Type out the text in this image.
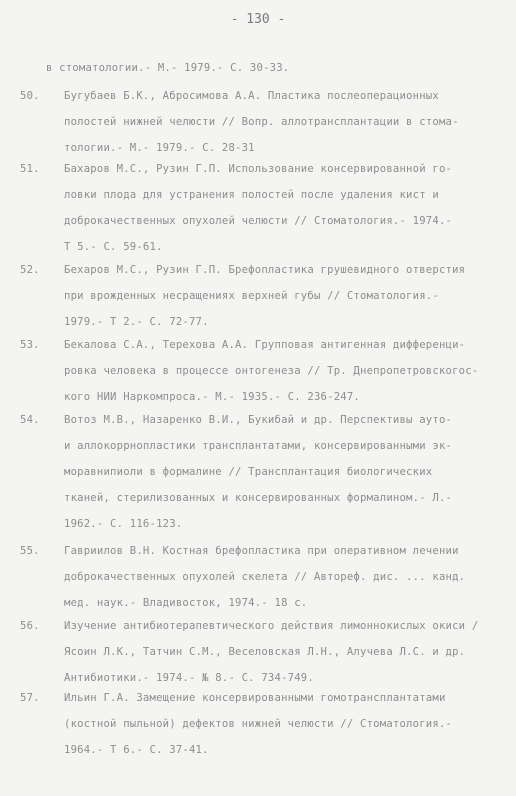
- 130 -
в стоматологии.- М.- 1979.- С. 30-33.
50. Бугубаев Б.К., Абросимова А.А. Пластика послеоперационных
полостей нижней челюсти // Вопр. аллотрансплантации в стома-
тологии.- М.- 1979.- С. 28-31
51. Бахаров М.С., Рузин Г.П. Использование консервированной го-
ловки плода для устранения полостей после удаления кист и
доброкачественных опухолей челюсти // Стоматология.- 1974.-
Т 5.- С. 59-61.
52. Бехаров М.С., Рузин Г.П. Брефопластика грушевидного отверстия
при врожденных несращениях верхней губы // Стоматология.-
1979.- Т 2.- С. 72-77.
53. Бекалова С.А., Терехова А.А. Групповая антигенная дифференци-
ровка человека в процессе онтогенеза // Тр. Днепропетровскогос-
кого НИИ Наркомпроса.- М.- 1935.- С. 236-247.
54. Вотоз М.В., Назаренко В.И., Букибай и др. Перспективы ауто-
и аллокоррнопластики трансплантатами, консервированными эк-
моравнипиоли в формалине // Трансплантация биологических
тканей, стерилизованных и консервированных формалином.- Л.-
1962.- С. 116-123.
55. Гавриилов В.Н. Костная брефопластика при оперативном лечении
доброкачественных опухолей скелета // Автореф. дис. ... канд.
мед. наук.- Владивосток, 1974.- 18 с.
56. Изучение антибиотерапевтического действия лимоннокислых окиси /
Ясоин Л.К., Татчин С.М., Веселовская Л.Н., Алучева Л.С. и др.
Антибиотики.- 1974.- № 8.- С. 734-749.
57. Ильин Г.А. Замещение консервированными гомотрансплантатами
(костной пыльной) дефектов нижней челюсти // Стоматология.-
1964.- Т 6.- С. 37-41.
